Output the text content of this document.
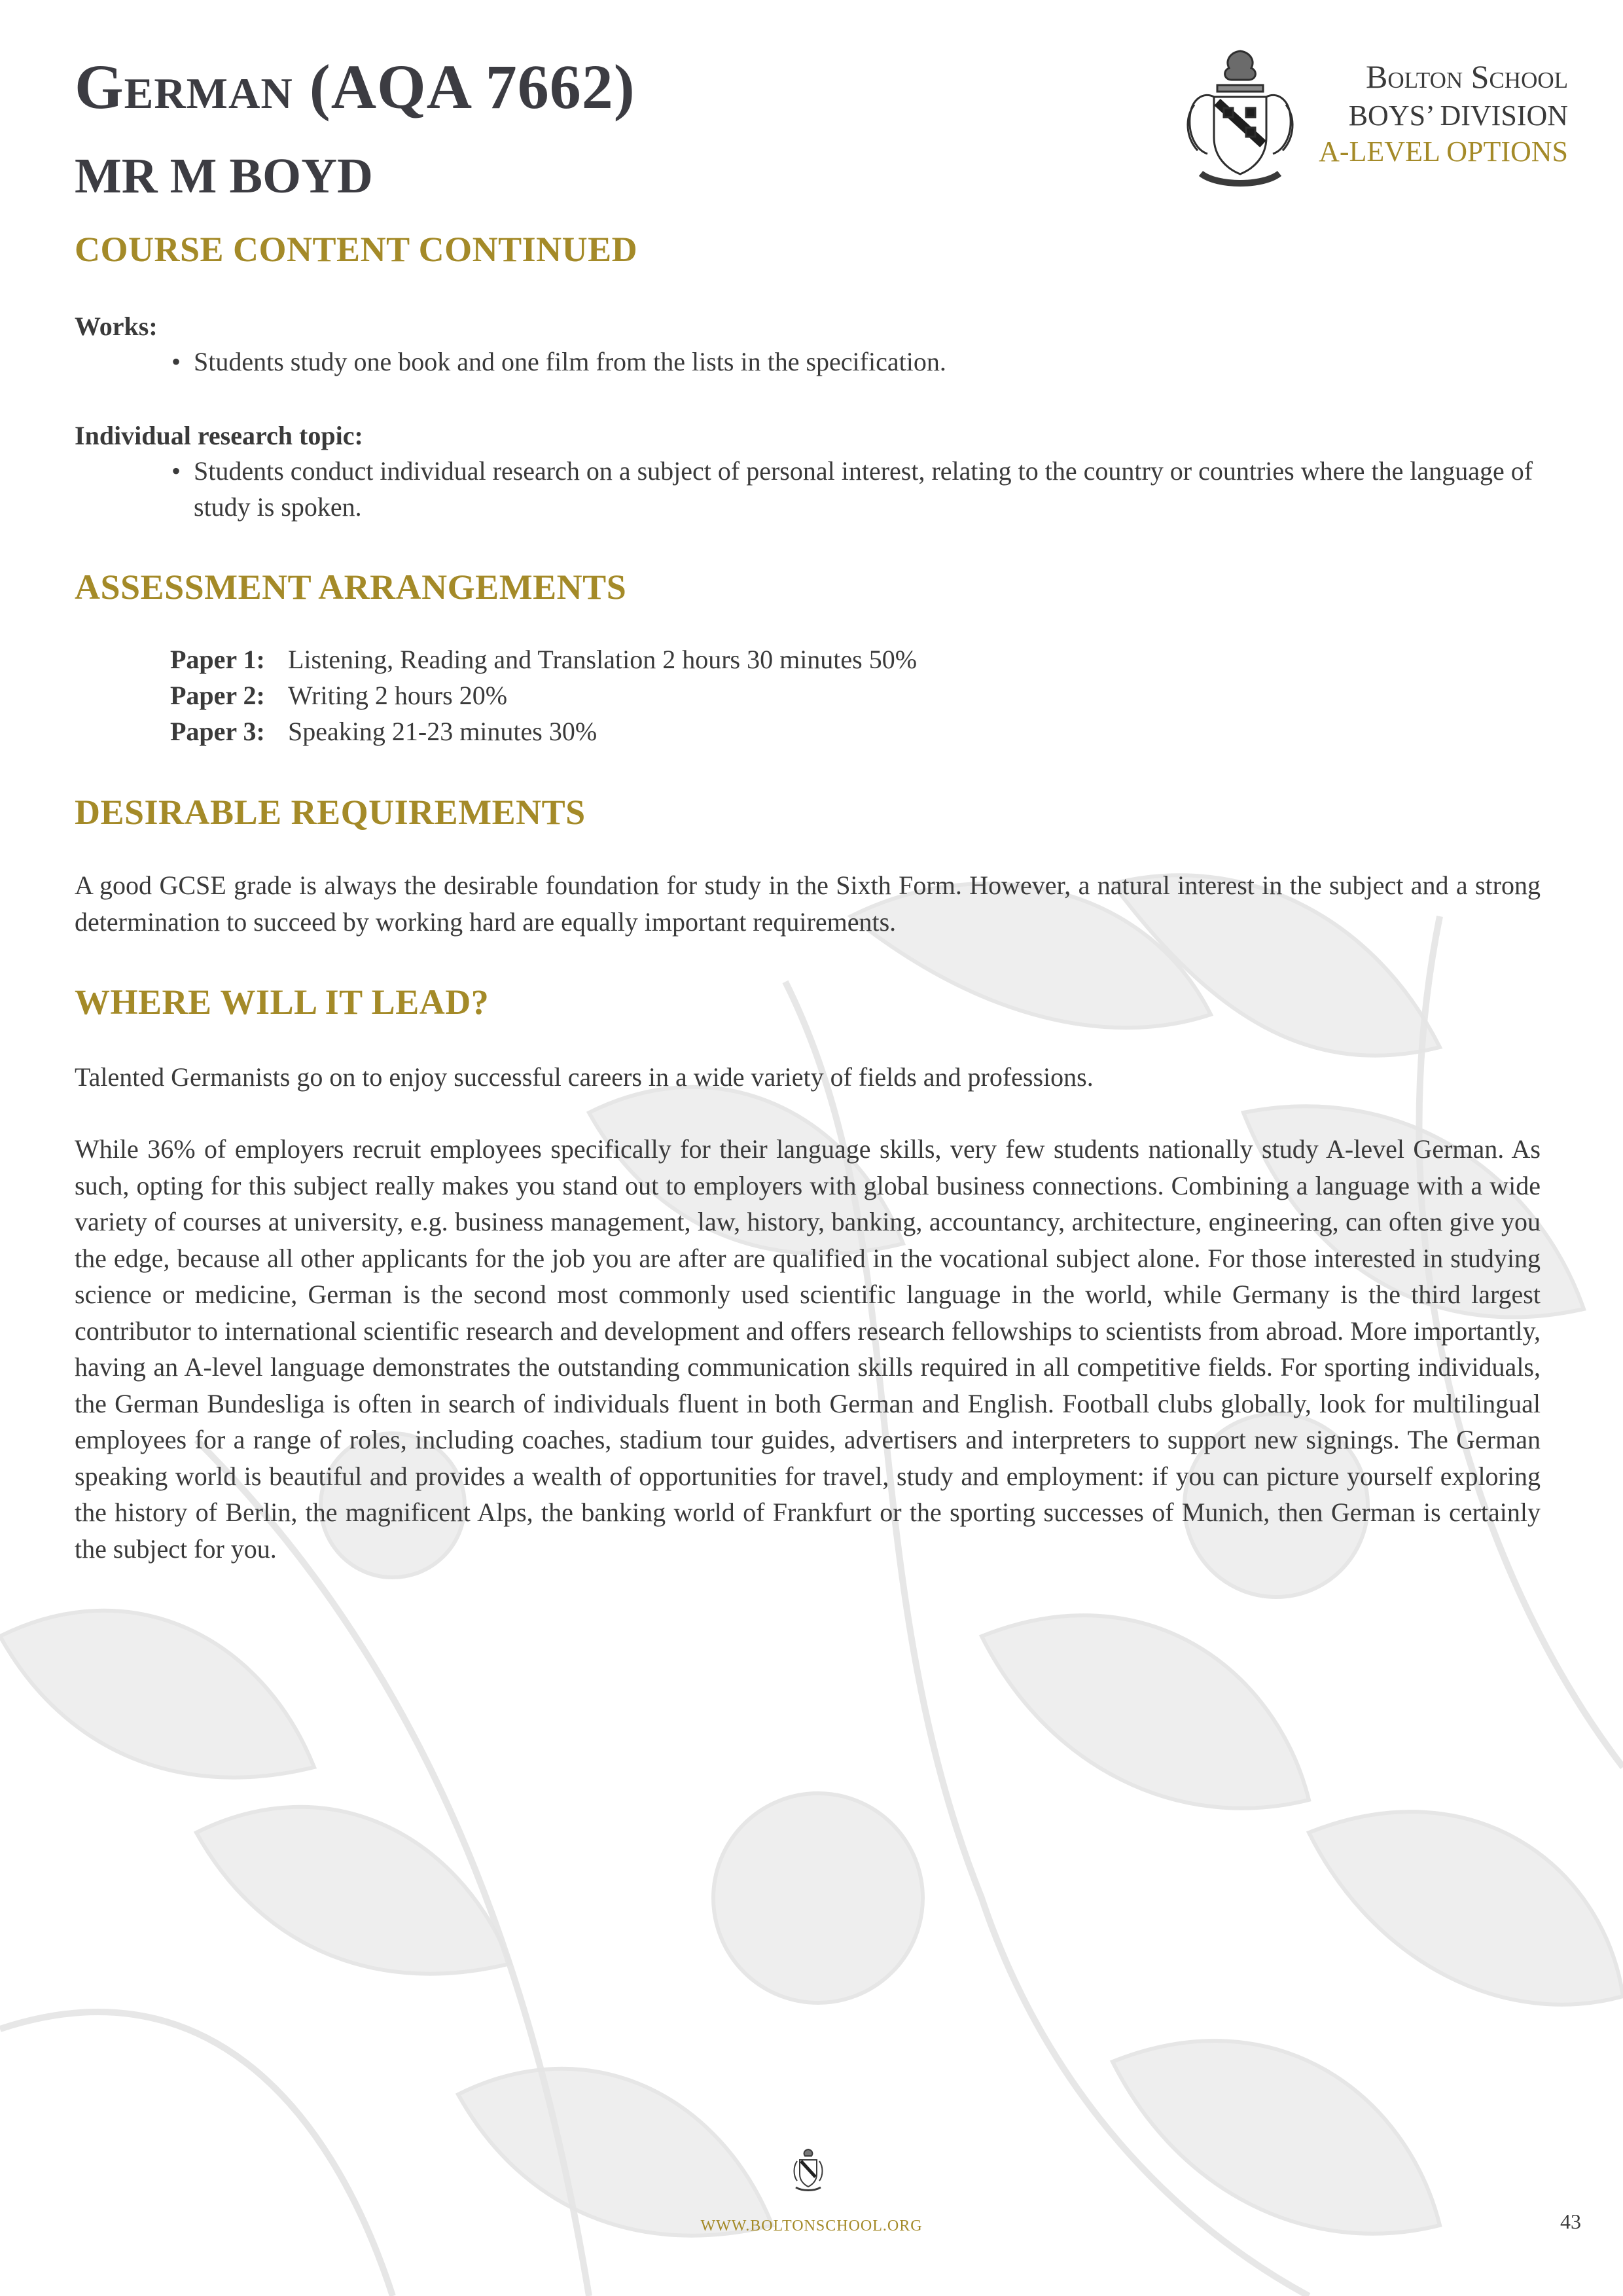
German (AQA 7662)
MR M BOYD
Bolton School
BOYS’ DIVISION
A-LEVEL OPTIONS
COURSE CONTENT CONTINUED
Works:

• Students study one book and one film from the lists in the specification.

Individual research topic:

• Students conduct individual research on a subject of personal interest, relating to the country or countries where the language of study is spoken.

ASSESSMENT ARRANGEMENTS
Paper 1: Listening, Reading and Translation 2 hours 30 minutes 50%
Paper 2: Writing 2 hours 20%
Paper 3: Speaking 21-23 minutes 30%
DESIRABLE REQUIREMENTS

A good GCSE grade is always the desirable foundation for study in the Sixth Form. However, a natural interest in the subject and a strong determination to succeed by working hard are equally important requirements.

WHERE WILL IT LEAD?

Talented Germanists go on to enjoy successful careers in a wide variety of fields and professions.

While 36% of employers recruit employees specifically for their language skills, very few students nationally study A-level German. As such, opting for this subject really makes you stand out to employers with global business connections. Combining a language with a wide variety of courses at university, e.g. business management, law, history, banking, accountancy, architecture, engineering, can often give you the edge, because all other applicants for the job you are after are qualified in the vocational subject alone. For those interested in studying science or medicine, German is the second most commonly used scientific language in the world, while Germany is the third largest contributor to international scientific research and development and offers research fellowships to scientists from abroad. More importantly, having an A-level language demonstrates the outstanding communication skills required in all competitive fields. For sporting individuals, the German Bundesliga is often in search of individuals fluent in both German and English. Football clubs globally, look for multilingual employees for a range of roles, including coaches, stadium tour guides, advertisers and interpreters to support new signings. The German speaking world is beautiful and provides a wealth of opportunities for travel, study and employment: if you can picture yourself exploring the history of Berlin, the magnificent Alps, the banking world of Frankfurt or the sporting successes of Munich, then German is certainly the subject for you.

WWW.BOLTONSCHOOL.ORG	43
